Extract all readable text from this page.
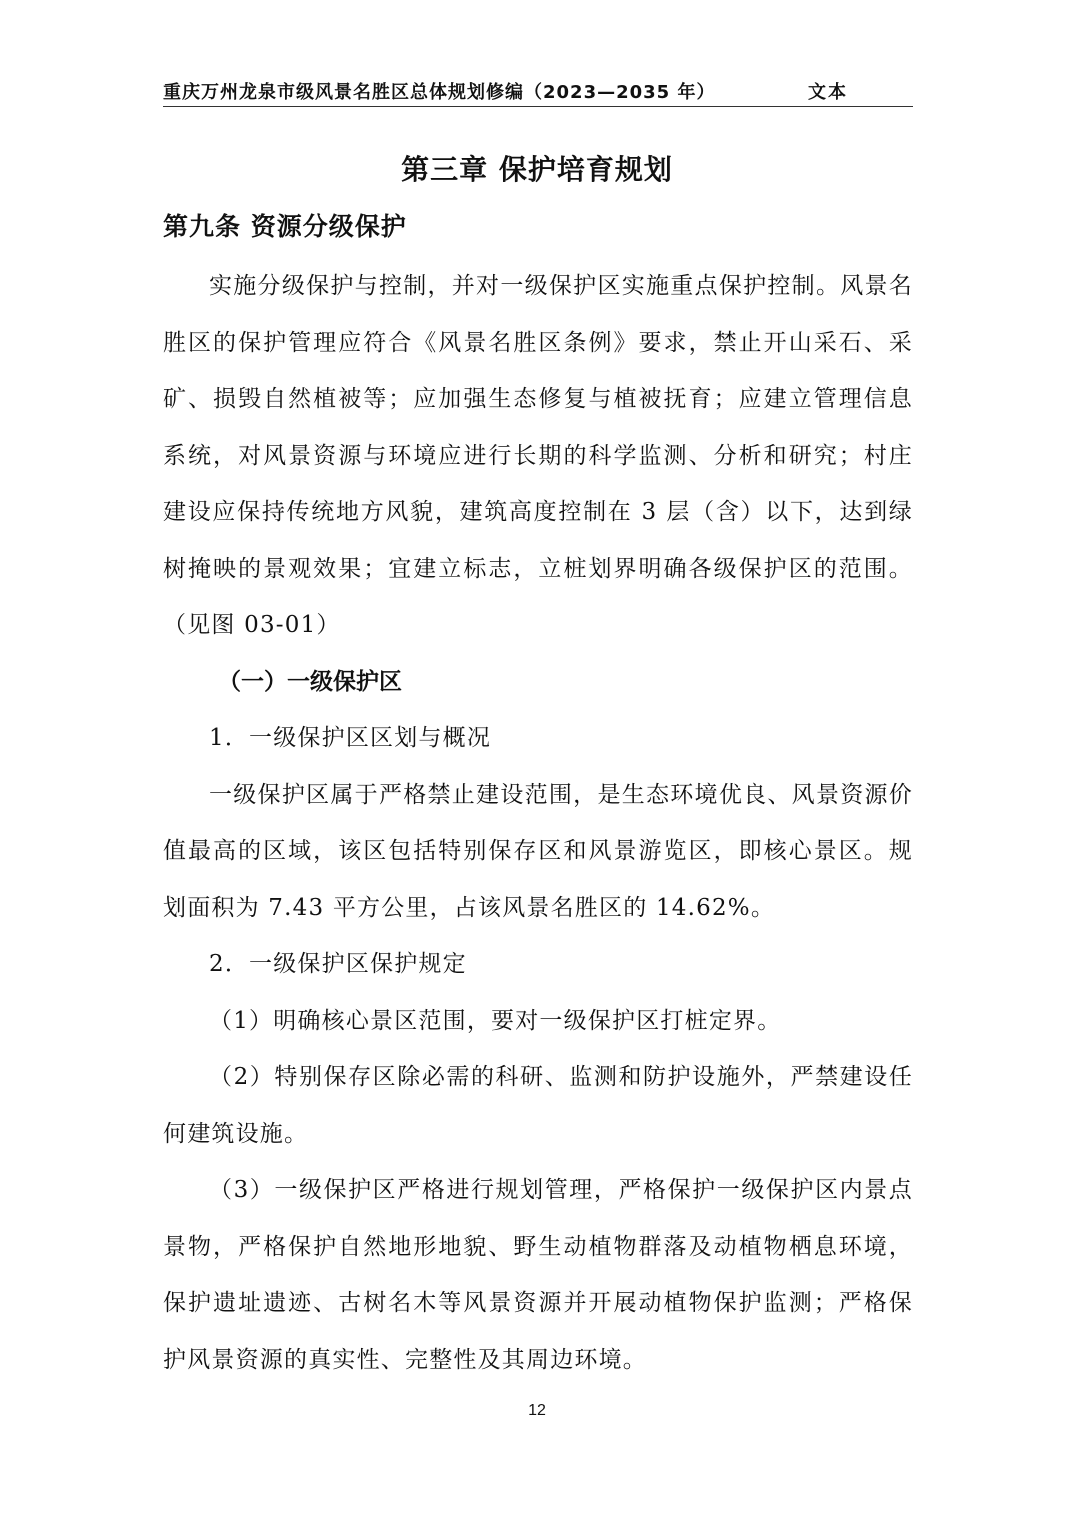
重庆万州龙泉市级风景名胜区总体规划修编（2023—2035 年）	文本
第三章 保护培育规划
第九条 资源分级保护

实施分级保护与控制，并对一级保护区实施重点保护控制。风景名胜区的保护管理应符合《风景名胜区条例》要求，禁止开山采石、采矿、损毁自然植被等；应加强生态修复与植被抚育；应建立管理信息系统，对风景资源与环境应进行长期的科学监测、分析和研究；村庄建设应保持传统地方风貌，建筑高度控制在 3 层（含）以下，达到绿树掩映的景观效果；宜建立标志，立桩划界明确各级保护区的范围。（见图 03-01）

（一）一级保护区

1．一级保护区区划与概况

一级保护区属于严格禁止建设范围，是生态环境优良、风景资源价值最高的区域，该区包括特别保存区和风景游览区，即核心景区。规划面积为 7.43 平方公里，占该风景名胜区的 14.62%。

2．一级保护区保护规定

（1）明确核心景区范围，要对一级保护区打桩定界。

（2）特别保存区除必需的科研、监测和防护设施外，严禁建设任何建筑设施。

（3）一级保护区严格进行规划管理，严格保护一级保护区内景点景物，严格保护自然地形地貌、野生动植物群落及动植物栖息环境，保护遗址遗迹、古树名木等风景资源并开展动植物保护监测；严格保护风景资源的真实性、完整性及其周边环境。

12
